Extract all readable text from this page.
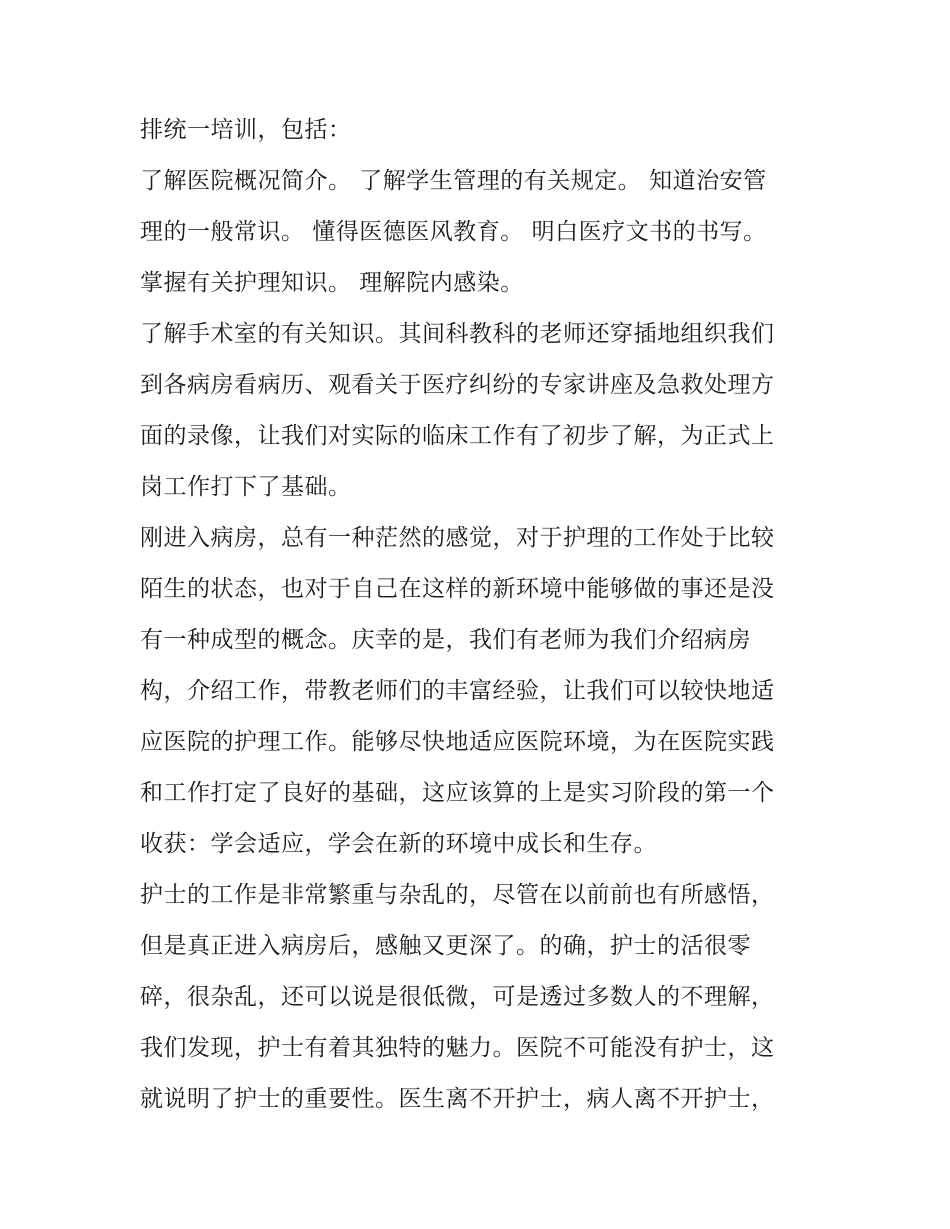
排统一培训，包括：
了解医院概况简介。 了解学生管理的有关规定。 知道治安管
理的一般常识。 懂得医德医风教育。 明白医疗文书的书写。
掌握有关护理知识。 理解院内感染。
了解手术室的有关知识。其间科教科的老师还穿插地组织我们
到各病房看病历、观看关于医疗纠纷的专家讲座及急救处理方
面的录像，让我们对实际的临床工作有了初步了解，为正式上
岗工作打下了基础。
刚进入病房，总有一种茫然的感觉，对于护理的工作处于比较
陌生的状态，也对于自己在这样的新环境中能够做的事还是没
有一种成型的概念。庆幸的是，我们有老师为我们介绍病房
构，介绍工作，带教老师们的丰富经验，让我们可以较快地适
应医院的护理工作。能够尽快地适应医院环境，为在医院实践
和工作打定了良好的基础，这应该算的上是实习阶段的第一个
收获：学会适应，学会在新的环境中成长和生存。
护士的工作是非常繁重与杂乱的，尽管在以前前也有所感悟，
但是真正进入病房后，感触又更深了。的确，护士的活很零
碎，很杂乱，还可以说是很低微，可是透过多数人的不理解，
我们发现，护士有着其独特的魅力。医院不可能没有护士，这
就说明了护士的重要性。医生离不开护士，病人离不开护士，
